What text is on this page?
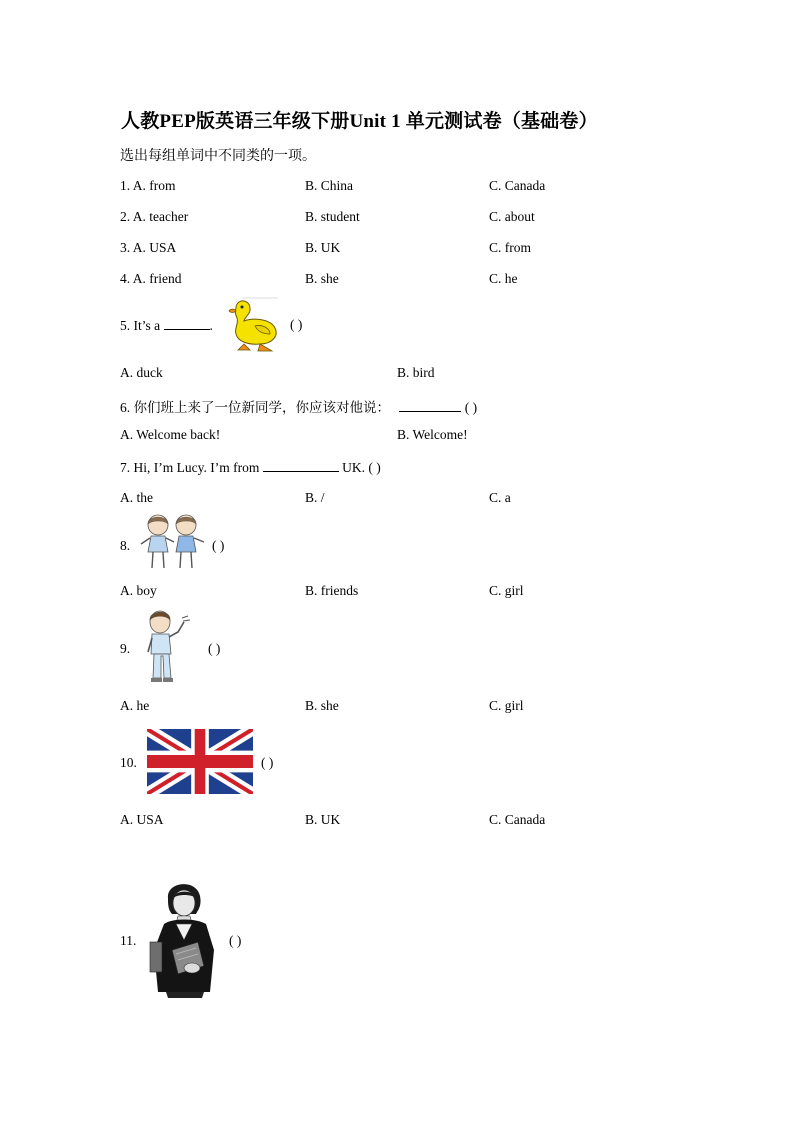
人教PEP版英语三年级下册Unit 1 单元测试卷（基础卷）
选出每组单词中不同类的一项。
1. A. from	B. China	C. Canada
2. A. teacher	B. student	C. about
3. A. USA	B. UK	C. from
4. A. friend	B. she	C. he
5. It’s a	.	( )
A. duck	B. bird
6. 你们班上来了一位新同学，你应该对他说：	( )
A. Welcome back!	B. Welcome!
7. Hi, I’m Lucy. I’m from	UK. ( )
A. the	B. /	C. a
8.	( )
A. boy	B. friends	C. girl
9.	( )
A. he	B. she	C. girl
10.	( )
A. USA	B. UK	C. Canada
11.	( )
